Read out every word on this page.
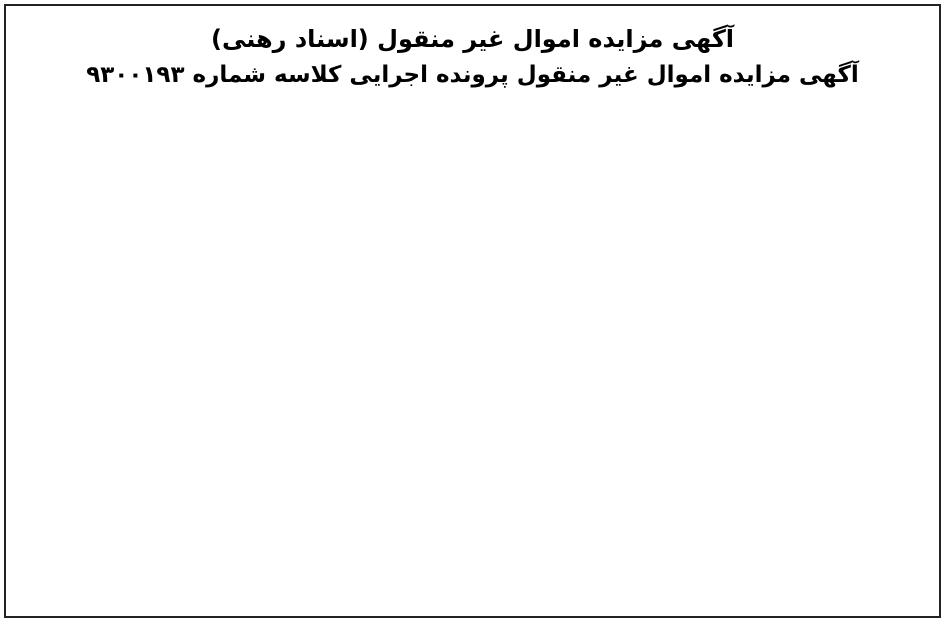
آگهی مزایده اموال غیر منقول (اسناد رهنی)
آگهی مزایده اموال غیر منقول پرونده اجرایی کلاسه شماره ۹۳۰۰۱۹۳
